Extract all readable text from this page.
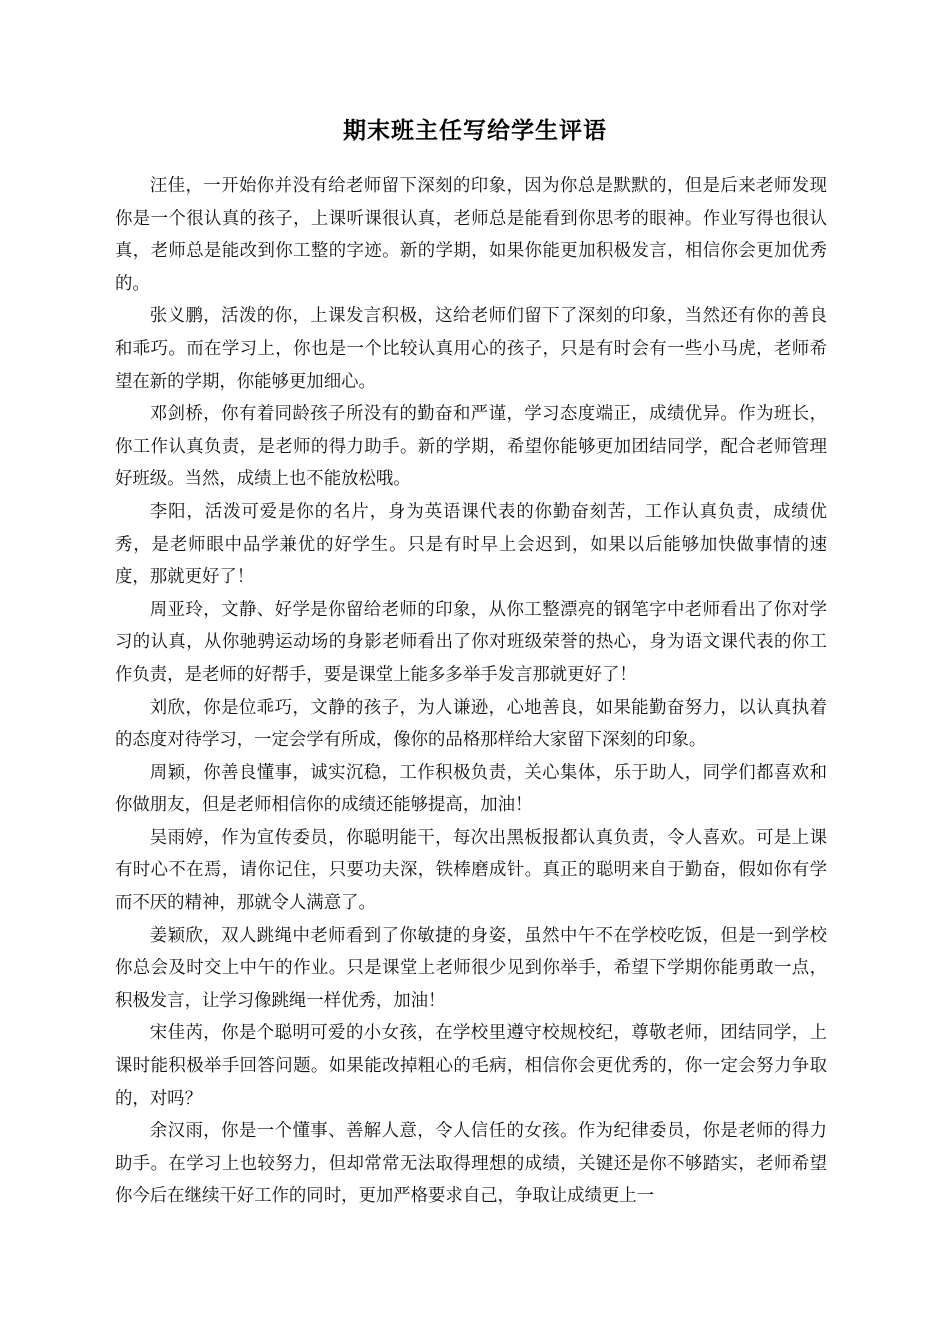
期末班主任写给学生评语

汪佳，一开始你并没有给老师留下深刻的印象，因为你总是默默的，但是后来老师发现你是一个很认真的孩子，上课听课很认真，老师总是能看到你思考的眼神。作业写得也很认真，老师总是能改到你工整的字迹。新的学期，如果你能更加积极发言，相信你会更加优秀的。

张义鹏，活泼的你，上课发言积极，这给老师们留下了深刻的印象，当然还有你的善良和乖巧。而在学习上，你也是一个比较认真用心的孩子，只是有时会有一些小马虎，老师希望在新的学期，你能够更加细心。

邓剑桥，你有着同龄孩子所没有的勤奋和严谨，学习态度端正，成绩优异。作为班长，你工作认真负责，是老师的得力助手。新的学期，希望你能够更加团结同学，配合老师管理好班级。当然，成绩上也不能放松哦。

李阳，活泼可爱是你的名片，身为英语课代表的你勤奋刻苦，工作认真负责，成绩优秀，是老师眼中品学兼优的好学生。只是有时早上会迟到，如果以后能够加快做事情的速度，那就更好了！

周亚玲，文静、好学是你留给老师的印象，从你工整漂亮的钢笔字中老师看出了你对学习的认真，从你驰骋运动场的身影老师看出了你对班级荣誉的热心，身为语文课代表的你工作负责，是老师的好帮手，要是课堂上能多多举手发言那就更好了！

刘欣，你是位乖巧，文静的孩子，为人谦逊，心地善良，如果能勤奋努力，以认真执着的态度对待学习，一定会学有所成，像你的品格那样给大家留下深刻的印象。

周颖，你善良懂事，诚实沉稳，工作积极负责，关心集体，乐于助人，同学们都喜欢和你做朋友，但是老师相信你的成绩还能够提高，加油！

吴雨婷，作为宣传委员，你聪明能干，每次出黑板报都认真负责，令人喜欢。可是上课有时心不在焉，请你记住，只要功夫深，铁棒磨成针。真正的聪明来自于勤奋，假如你有学而不厌的精神，那就令人满意了。

姜颖欣，双人跳绳中老师看到了你敏捷的身姿，虽然中午不在学校吃饭，但是一到学校你总会及时交上中午的作业。只是课堂上老师很少见到你举手，希望下学期你能勇敢一点，积极发言，让学习像跳绳一样优秀，加油！

宋佳芮，你是个聪明可爱的小女孩，在学校里遵守校规校纪，尊敬老师，团结同学，上课时能积极举手回答问题。如果能改掉粗心的毛病，相信你会更优秀的，你一定会努力争取的，对吗？

余汉雨，你是一个懂事、善解人意，令人信任的女孩。作为纪律委员，你是老师的得力助手。在学习上也较努力，但却常常无法取得理想的成绩，关键还是你不够踏实，老师希望你今后在继续干好工作的同时，更加严格要求自己，争取让成绩更上一
